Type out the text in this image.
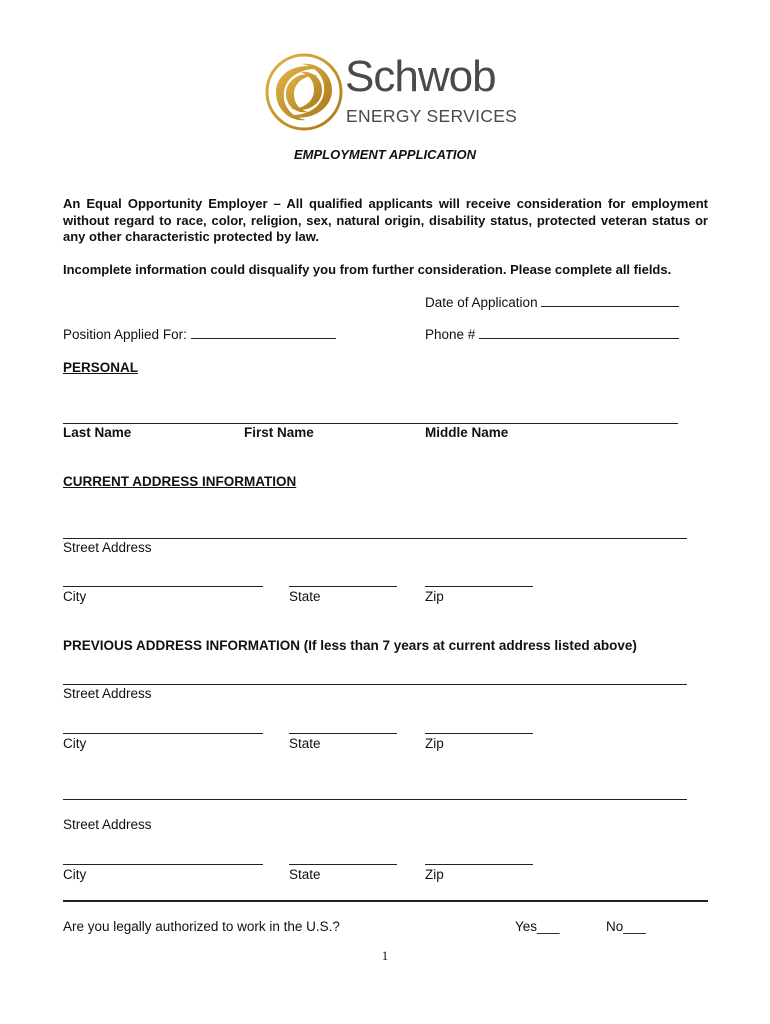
Schwob
ENERGY SERVICES
EMPLOYMENT APPLICATION
An Equal Opportunity Employer – All qualified applicants will receive consideration for employment without regard to race, color, religion, sex, natural origin, disability status, protected veteran status or any other characteristic protected by law.
Incomplete information could disqualify you from further consideration. Please complete all fields.
Date of Application
Position Applied For:	Phone #
PERSONAL
Last Name	First Name	Middle Name
CURRENT ADDRESS INFORMATION
Street Address
City	State	Zip
PREVIOUS ADDRESS INFORMATION (If less than 7 years at current address listed above)
Street Address
City	State	Zip
Street Address
City	State	Zip
Are you legally authorized to work in the U.S.?	Yes___	No___
1
